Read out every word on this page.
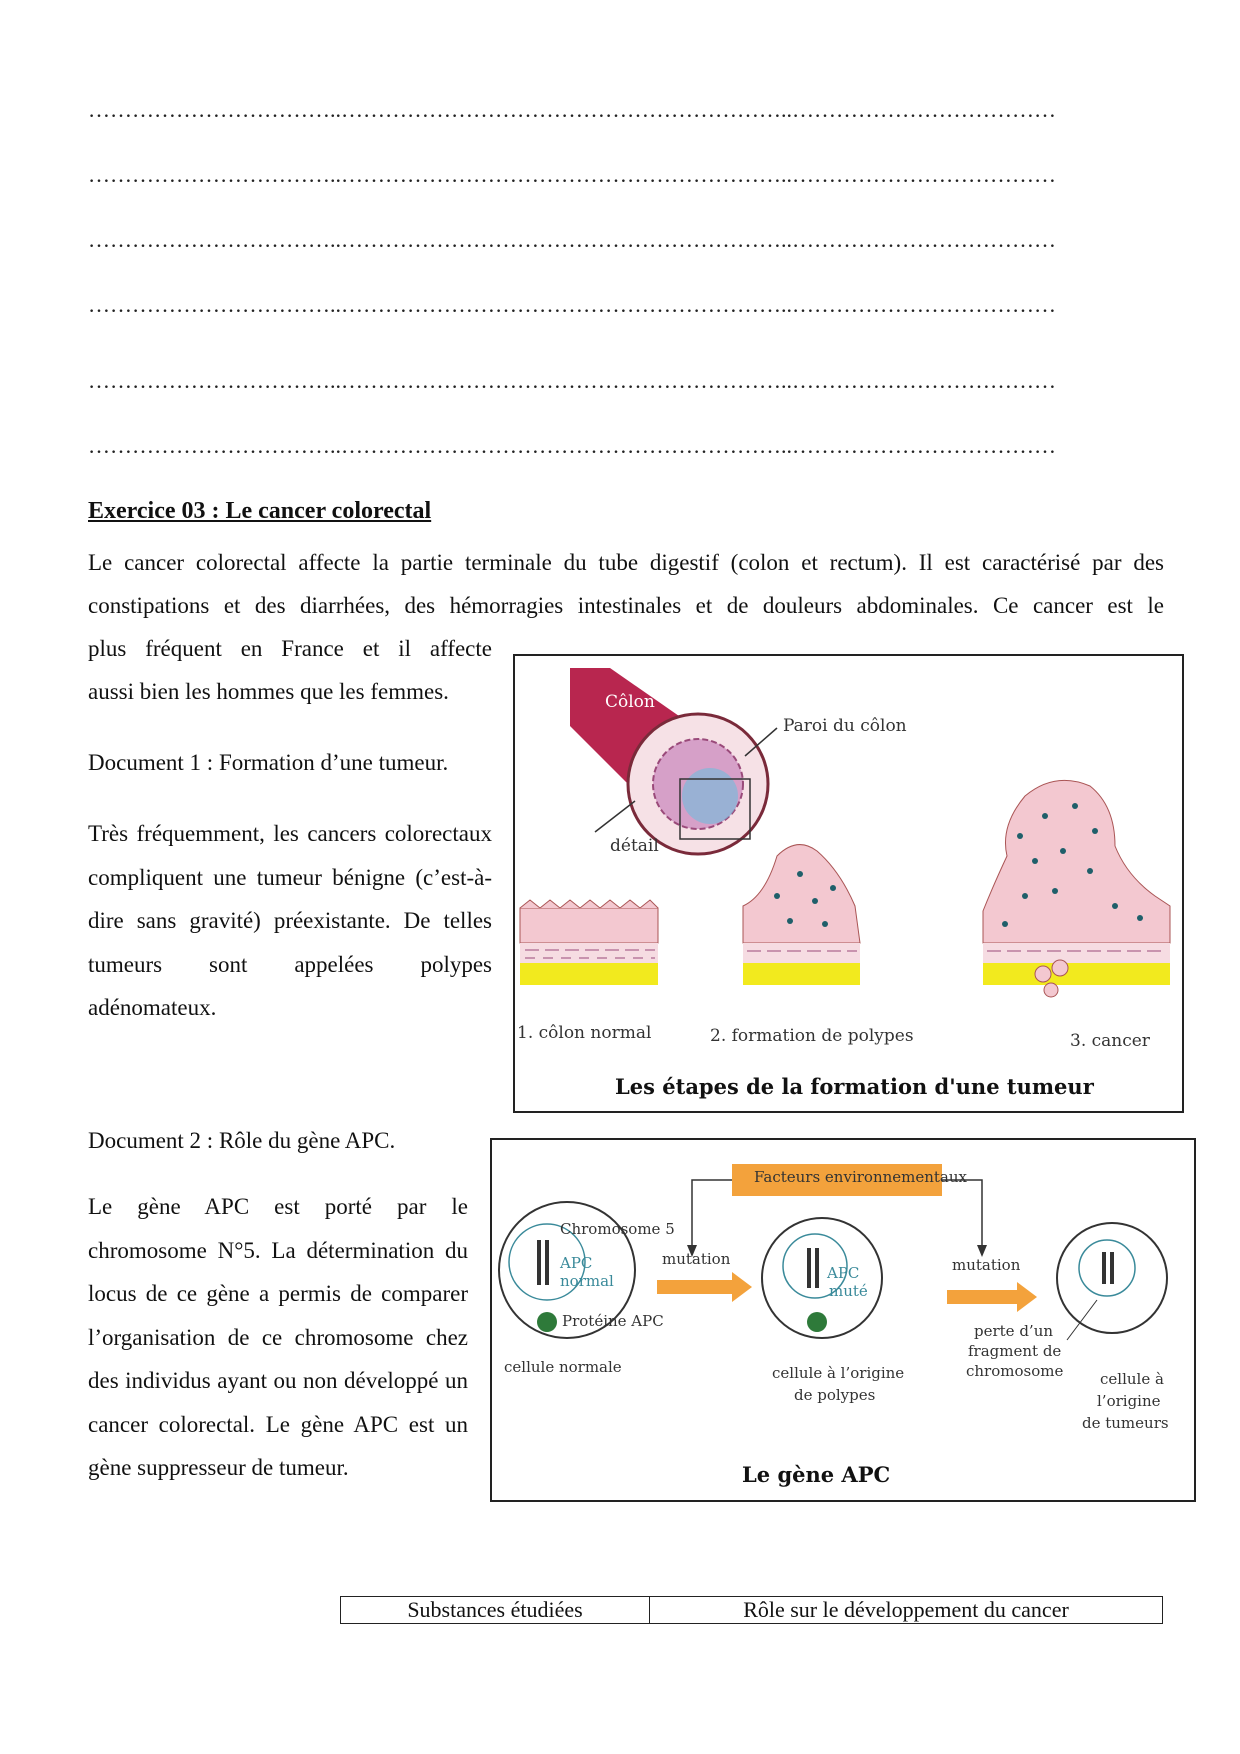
……………………………..……………………………………………………..………………………………
……………………………..……………………………………………………..………………………………
……………………………..……………………………………………………..………………………………
……………………………..……………………………………………………..………………………………
……………………………..……………………………………………………..………………………………
……………………………..……………………………………………………..………………………………
Exercice 03 : Le cancer colorectal
Le cancer colorectal affecte la partie terminale du tube digestif (colon et rectum). Il est caractérisé par des
constipations et des diarrhées, des hémorragies intestinales et de douleurs abdominales. Ce cancer est le
plus fréquent en France et il affecte
aussi bien les hommes que les femmes.
Document 1 : Formation d’une tumeur.
Très fréquemment, les cancers colorectaux compliquent une tumeur bénigne (c’est-à-dire sans gravité) préexistante. De telles tumeurs sont appelées polypes adénomateux.
Côlon
Paroi du côlon
détail
1. côlon normal	2. formation de polypes	3. cancer
Les étapes de la formation d'une tumeur
Document 2 : Rôle du gène APC.
Le gène APC est porté par le chromosome N°5. La détermination du locus de ce gène a permis de comparer l’organisation de ce chromosome chez des individus ayant ou non développé un cancer colorectal. Le gène APC est un gène suppresseur de tumeur.
Facteurs environnementaux
Chromosome 5
APC
normal
Protéine APC
cellule normale
mutation
APC
muté
cellule à l’origine
de polypes
mutation
perte d’un
fragment de
chromosome cellule à
l’origine
de tumeurs
Le gène APC
Substances étudiées	Rôle sur le développement du cancer
